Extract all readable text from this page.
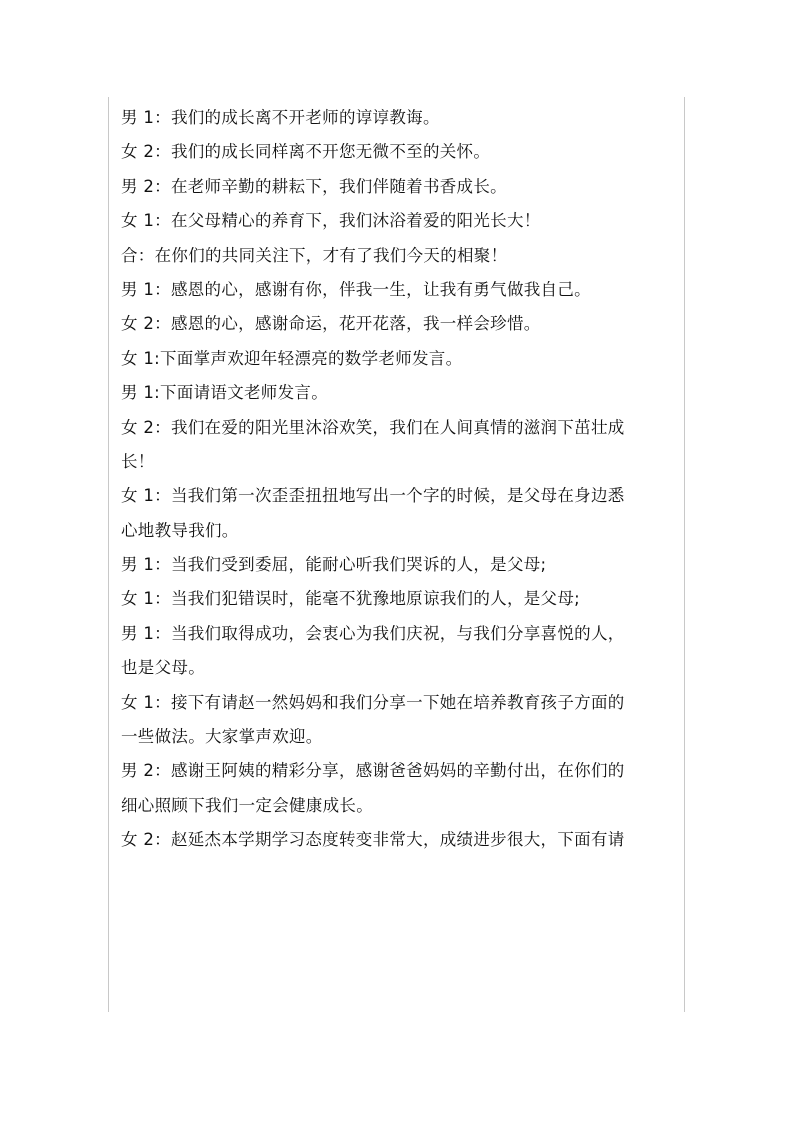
男 1：我们的成长离不开老师的谆谆教诲。
女 2：我们的成长同样离不开您无微不至的关怀。
男 2：在老师辛勤的耕耘下，我们伴随着书香成长。
女 1：在父母精心的养育下，我们沐浴着爱的阳光长大！
合：在你们的共同关注下，才有了我们今天的相聚！
男 1：感恩的心，感谢有你，伴我一生，让我有勇气做我自己。
女 2：感恩的心，感谢命运，花开花落，我一样会珍惜。
女 1:下面掌声欢迎年轻漂亮的数学老师发言。
男 1:下面请语文老师发言。
女 2：我们在爱的阳光里沐浴欢笑，我们在人间真情的滋润下茁壮成
长！
女 1：当我们第一次歪歪扭扭地写出一个字的时候，是父母在身边悉
心地教导我们。
男 1：当我们受到委屈，能耐心听我们哭诉的人，是父母;
女 1：当我们犯错误时，能毫不犹豫地原谅我们的人，是父母;
男 1：当我们取得成功，会衷心为我们庆祝，与我们分享喜悦的人，
也是父母。
女 1：接下有请赵一然妈妈和我们分享一下她在培养教育孩子方面的
一些做法。大家掌声欢迎。
男 2：感谢王阿姨的精彩分享，感谢爸爸妈妈的辛勤付出，在你们的
细心照顾下我们一定会健康成长。
女 2：赵延杰本学期学习态度转变非常大，成绩进步很大，下面有请
